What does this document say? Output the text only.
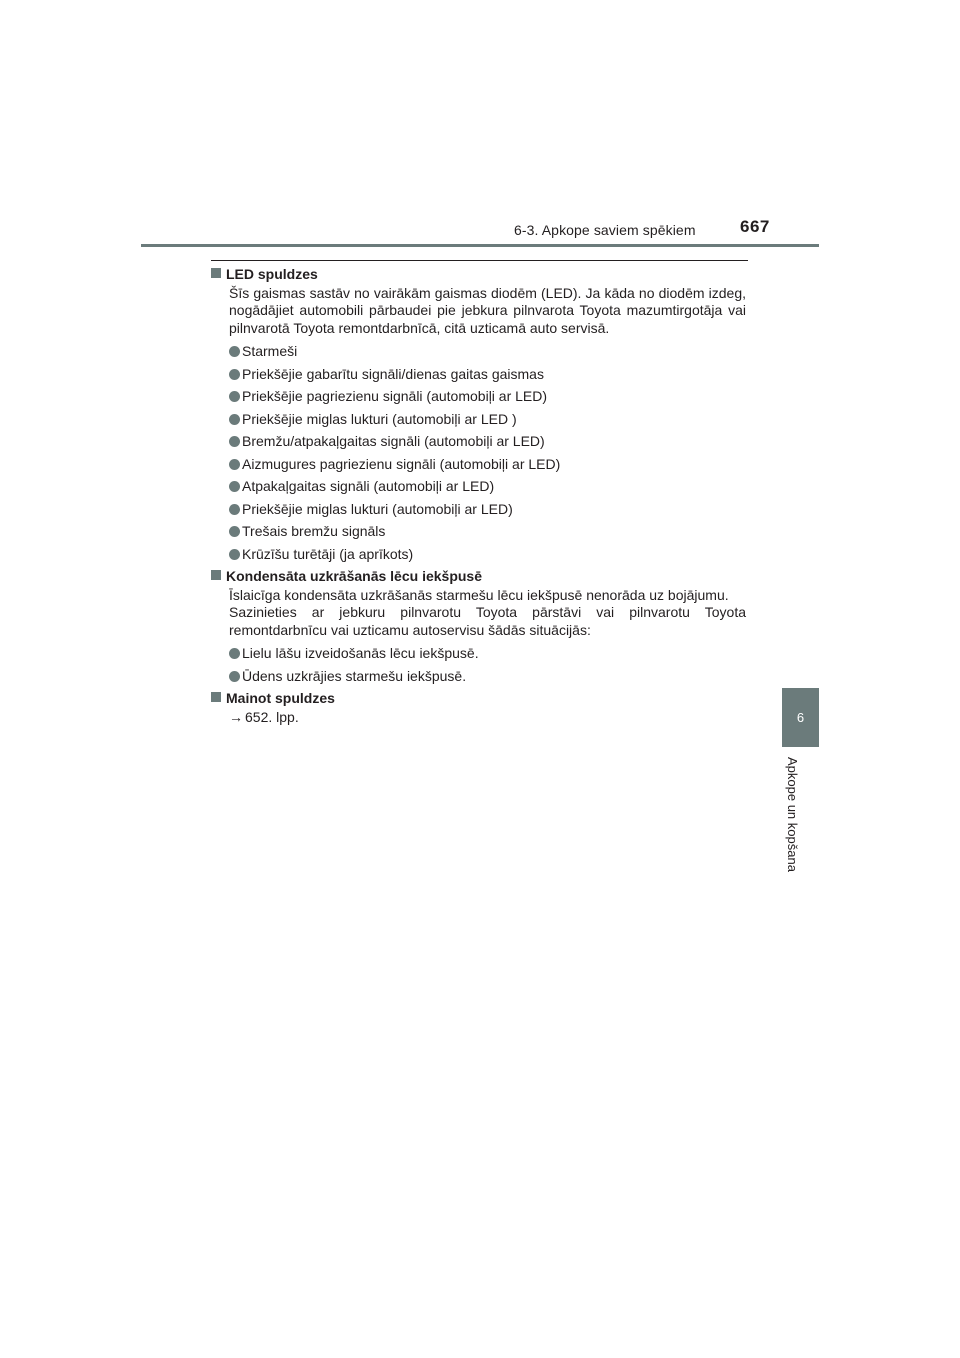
6-3. Apkope saviem spēkiem	667
6
Apkope un kopšana
LED spuldzes
Šīs gaismas sastāv no vairākām gaismas diodēm (LED). Ja kāda no diodēm izdeg, nogādājiet automobili pārbaudei pie jebkura pilnvarota Toyota mazumtirgotāja vai pilnvarotā Toyota remontdarbnīcā, citā uzticamā auto servisā.
Starmeši
Priekšējie gabarītu signāli/dienas gaitas gaismas
Priekšējie pagriezienu signāli (automobiļi ar LED)
Priekšējie miglas lukturi (automobiļi ar LED )
Bremžu/atpakaļgaitas signāli (automobiļi ar LED)
Aizmugures pagriezienu signāli (automobiļi ar LED)
Atpakaļgaitas signāli (automobiļi ar LED)
Priekšējie miglas lukturi (automobiļi ar LED)
Trešais bremžu signāls
Krūzīšu turētāji (ja aprīkots)
Kondensāta uzkrāšanās lēcu iekšpusē
Īslaicīga kondensāta uzkrāšanās starmešu lēcu iekšpusē nenorāda uz bojājumu.
Sazinieties ar jebkuru pilnvarotu Toyota pārstāvi vai pilnvarotu Toyota remontdarbnīcu vai uzticamu autoservisu šādās situācijās:
Lielu lāšu izveidošanās lēcu iekšpusē.
Ūdens uzkrājies starmešu iekšpusē.
Mainot spuldzes
→ 652. lpp.
